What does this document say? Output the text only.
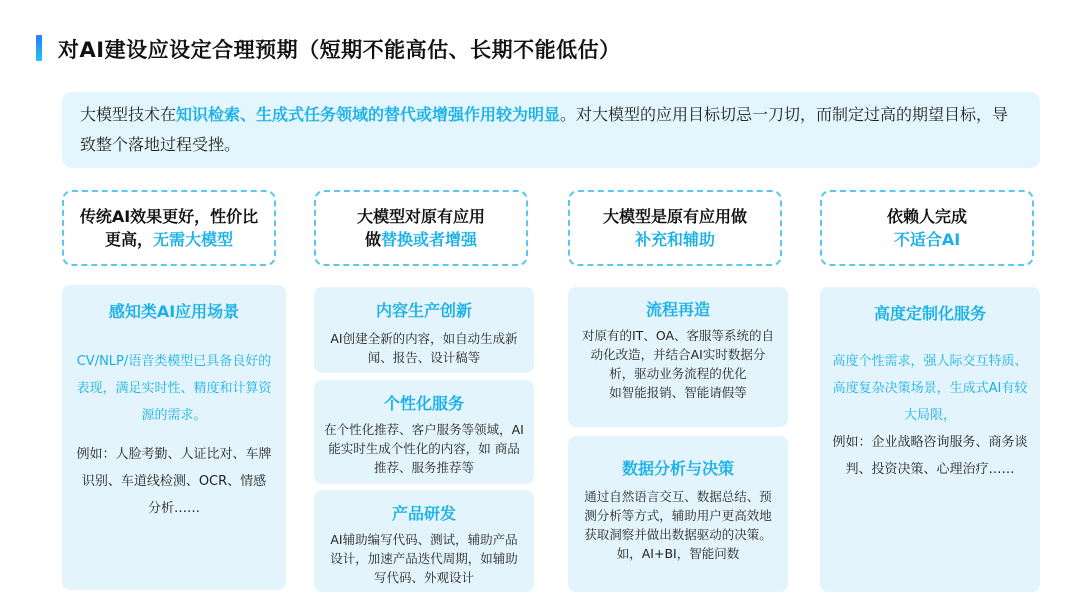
对AI建设应设定合理预期（短期不能高估、长期不能低估）
大模型技术在知识检索、生成式任务领域的替代或增强作用较为明显。对大模型的应用目标切忌一刀切，而制定过高的期望目标，导致整个落地过程受挫。
传统AI效果更好，性价比
更高，无需大模型
大模型对原有应用
做替换或者增强
大模型是原有应用做
补充和辅助
依赖人完成
不适合AI
感知类AI应用场景
CV/NLP/语音类模型已具备良好的表现，满足实时性、精度和计算资源的需求。
例如：人脸考勤、人证比对、车牌识别、车道线检测、OCR、情感分析……
内容生产创新
AI创建全新的内容，如自动生成新闻、报告、设计稿等
个性化服务
在个性化推荐、客户服务等领域，AI能实时生成个性化的内容，如 商品推荐、服务推荐等
产品研发
AI辅助编写代码、测试，辅助产品设计，加速产品迭代周期，如辅助写代码、外观设计
流程再造
对原有的IT、OA、客服等系统的自动化改造，并结合AI实时数据分析，驱动业务流程的优化
如智能报销、智能请假等
数据分析与决策
通过自然语言交互、数据总结、预测分析等方式，辅助用户更高效地获取洞察并做出数据驱动的决策。如，AI+BI，智能问数
高度定制化服务
高度个性需求，强人际交互特质、高度复杂决策场景，生成式AI有较大局限，
例如：企业战略咨询服务、商务谈判、投资决策、心理治疗……
